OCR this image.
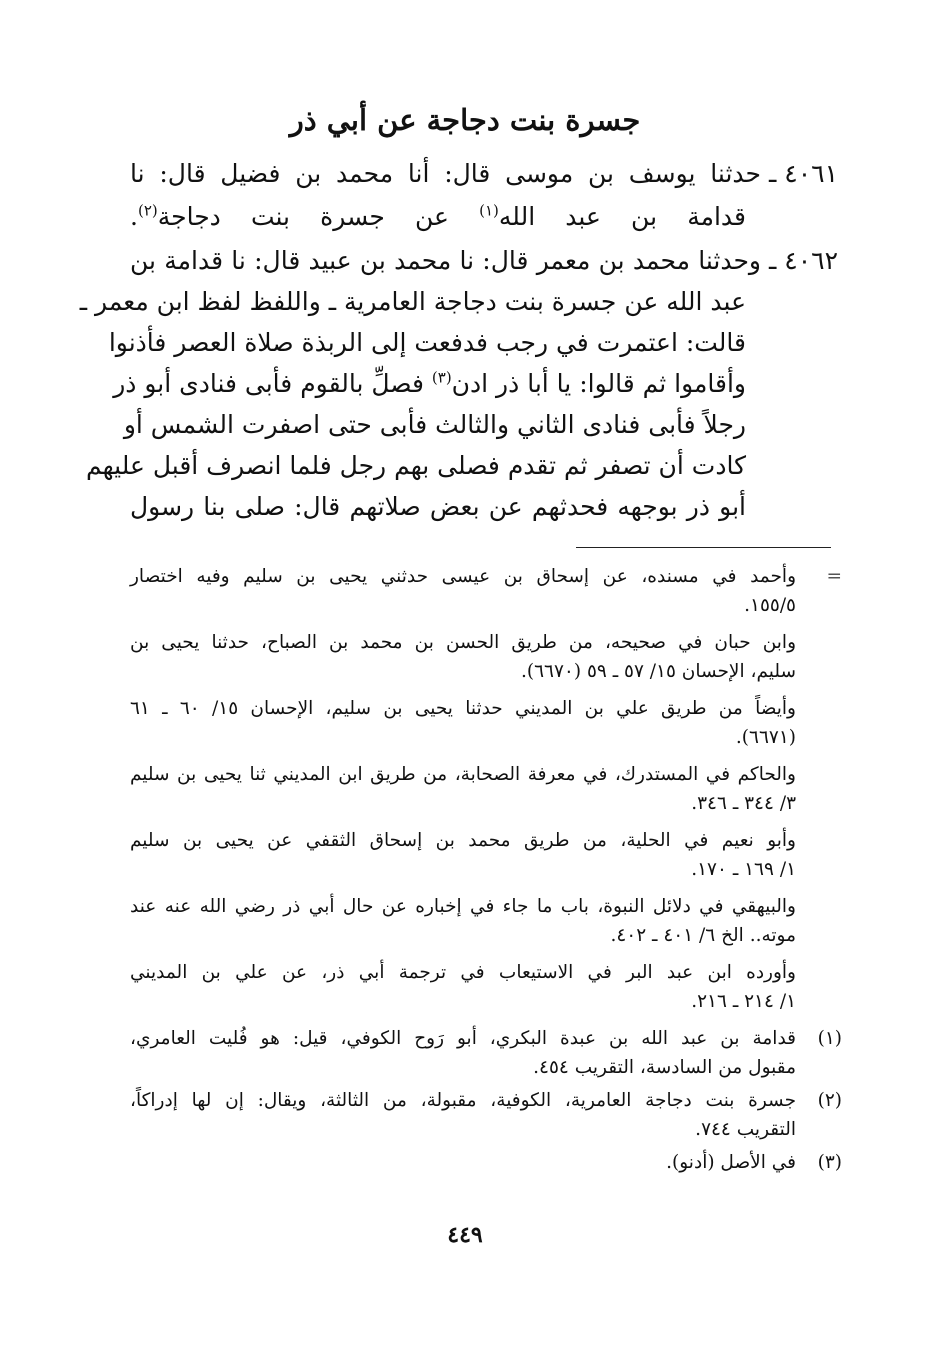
جسرة بنت دجاجة عن أبي ذر
٤٠٦١ ـ
حدثنا يوسف بن موسى قال: أنا محمد بن فضيل قال: نا
قدامة بن عبد الله$^{(١)}$ عن جسرة بنت دجاجة$^{(٢)}$.
٤٠٦٢ ـ
وحدثنا محمد بن معمر قال: نا محمد بن عبيد قال: نا قدامة بن
عبد الله عن جسرة بنت دجاجة العامرية ـ واللفظ لفظ ابن معمر ـ
قالت: اعتمرت في رجب فدفعت إلى الربذة صلاة العصر فأذنوا
وأقاموا ثم قالوا: يا أبا ذر ادن$^{(٣)}$ فصلِّ بالقوم فأبى فنادى أبو ذر
رجلاً فأبى فنادى الثاني والثالث فأبى حتى اصفرت الشمس أو
كادت أن تصفر ثم تقدم فصلى بهم رجل فلما انصرف أقبل عليهم
أبو ذر بوجهه فحدثهم عن بعض صلاتهم قال: صلى بنا رسول
=
وأحمد في مسنده، عن إسحاق بن عيسى حدثني يحيى بن سليم وفيه اختصار
١٥٥/٥.
وابن حبان في صحيحه، من طريق الحسن بن محمد بن الصباح، حدثنا يحيى بن
سليم، الإحسان ١٥/ ٥٧ ـ ٥٩ (٦٦٧٠).
وأيضاً من طريق علي بن المديني حدثنا يحيى بن سليم، الإحسان ١٥/ ٦٠ ـ ٦١
(٦٦٧١).
والحاكم في المستدرك، في معرفة الصحابة، من طريق ابن المديني ثنا يحيى بن سليم
٣/ ٣٤٤ ـ ٣٤٦.
وأبو نعيم في الحلية، من طريق محمد بن إسحاق الثقفي عن يحيى بن سليم
١/ ١٦٩ ـ ١٧٠.
والبيهقي في دلائل النبوة، باب ما جاء في إخباره عن حال أبي ذر رضي الله عنه عند
موته.. الخ ٦/ ٤٠١ ـ ٤٠٢.
وأورده ابن عبد البر في الاستيعاب في ترجمة أبي ذر، عن علي بن المديني
١/ ٢١٤ ـ ٢١٦.
(١)
قدامة بن عبد الله بن عبدة البكري، أبو رَوح الكوفي، قيل: هو فُليت العامري،
مقبول من السادسة، التقريب ٤٥٤.
(٢)
جسرة بنت دجاجة العامرية، الكوفية، مقبولة، من الثالثة، ويقال: إن لها إدراكاً،
التقريب ٧٤٤.
(٣)
في الأصل (أدنو).
٤٤٩
